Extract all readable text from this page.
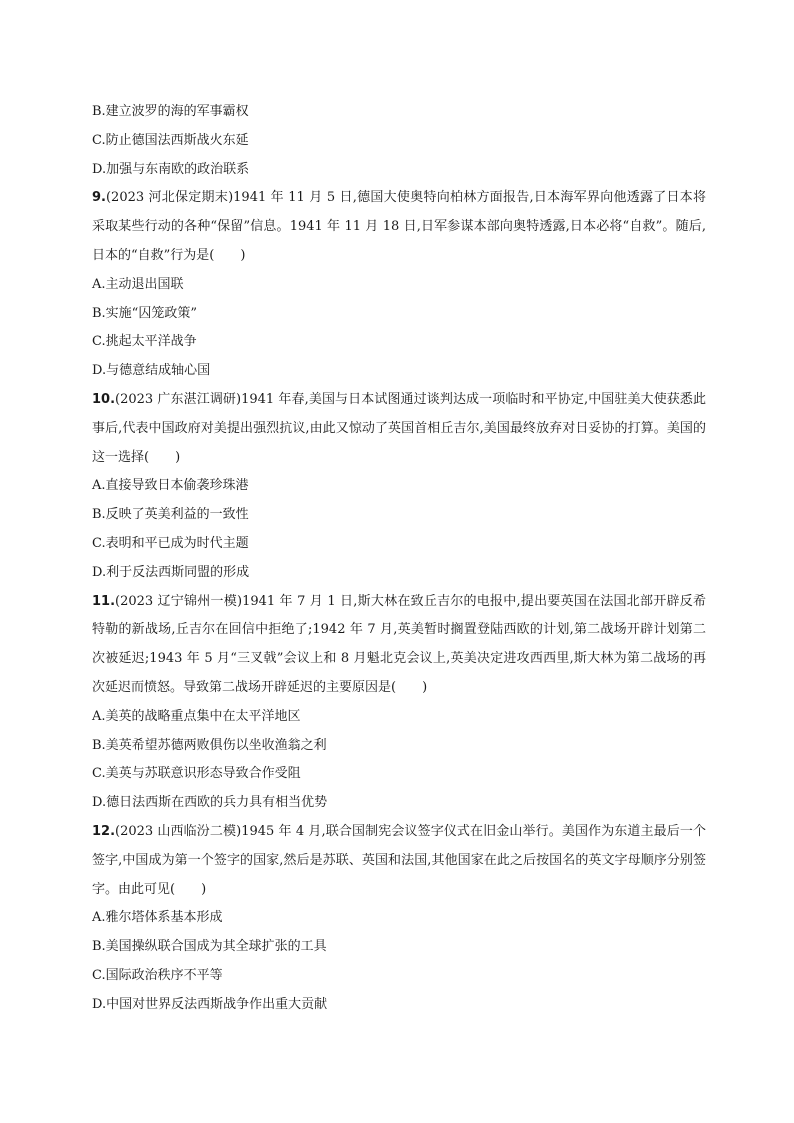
B.建立波罗的海的军事霸权
C.防止德国法西斯战火东延
D.加强与东南欧的政治联系
9.(2023 河北保定期末)1941 年 11 月 5 日,德国大使奥特向柏林方面报告,日本海军界向他透露了日本将采取某些行动的各种“保留”信息。1941 年 11 月 18 日,日军参谋本部向奥特透露,日本必将“自救”。随后,日本的“自救”行为是(　　)
A.主动退出国联
B.实施“囚笼政策”
C.挑起太平洋战争
D.与德意结成轴心国
10.(2023 广东湛江调研)1941 年春,美国与日本试图通过谈判达成一项临时和平协定,中国驻美大使获悉此事后,代表中国政府对美提出强烈抗议,由此又惊动了英国首相丘吉尔,美国最终放弃对日妥协的打算。美国的这一选择(　　)
A.直接导致日本偷袭珍珠港
B.反映了英美利益的一致性
C.表明和平已成为时代主题
D.利于反法西斯同盟的形成
11.(2023 辽宁锦州一模)1941 年 7 月 1 日,斯大林在致丘吉尔的电报中,提出要英国在法国北部开辟反希特勒的新战场,丘吉尔在回信中拒绝了;1942 年 7 月,英美暂时搁置登陆西欧的计划,第二战场开辟计划第二次被延迟;1943 年 5 月“三叉戟”会议上和 8 月魁北克会议上,英美决定进攻西西里,斯大林为第二战场的再次延迟而愤怒。导致第二战场开辟延迟的主要原因是(　　)
A.美英的战略重点集中在太平洋地区
B.美英希望苏德两败俱伤以坐收渔翁之利
C.美英与苏联意识形态导致合作受阻
D.德日法西斯在西欧的兵力具有相当优势
12.(2023 山西临汾二模)1945 年 4 月,联合国制宪会议签字仪式在旧金山举行。美国作为东道主最后一个签字,中国成为第一个签字的国家,然后是苏联、英国和法国,其他国家在此之后按国名的英文字母顺序分别签字。由此可见(　　)
A.雅尔塔体系基本形成
B.美国操纵联合国成为其全球扩张的工具
C.国际政治秩序不平等
D.中国对世界反法西斯战争作出重大贡献
